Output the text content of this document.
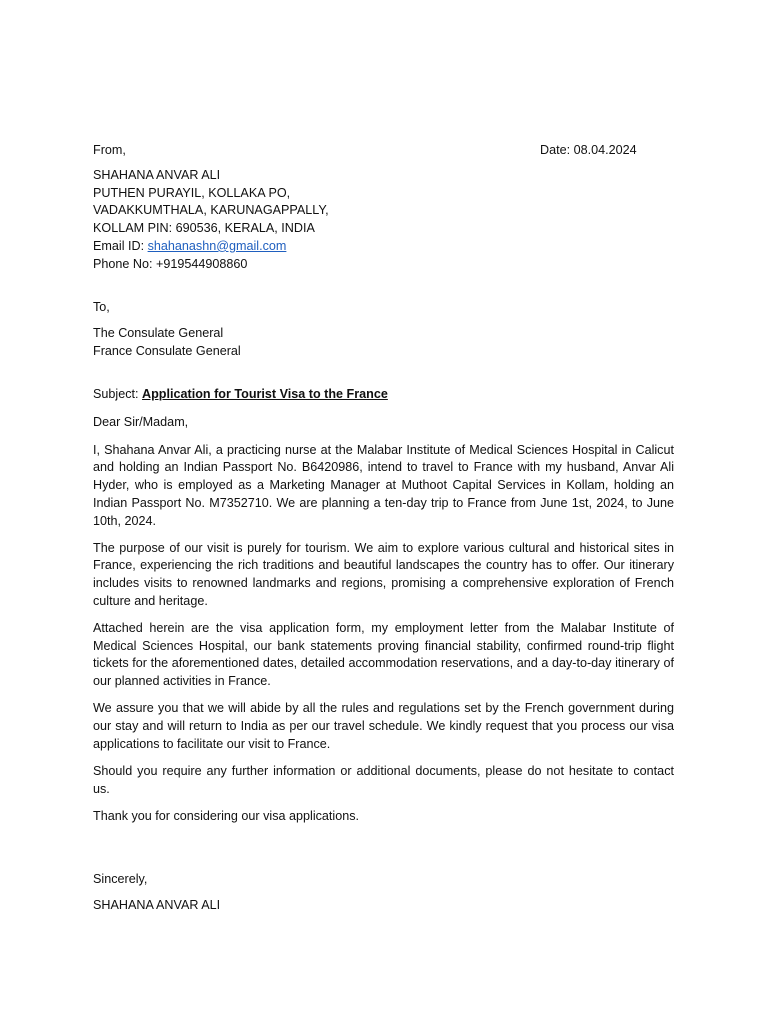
From,	Date: 08.04.2024
SHAHANA ANVAR ALI
PUTHEN PURAYIL, KOLLAKA PO,
VADAKKUMTHALA, KARUNAGAPPALLY,
KOLLAM PIN: 690536, KERALA, INDIA
Email ID: shahanashn@gmail.com
Phone No: +919544908860
To,
The Consulate General
France Consulate General
Subject: Application for Tourist Visa to the France
Dear Sir/Madam,

I, Shahana Anvar Ali, a practicing nurse at the Malabar Institute of Medical Sciences Hospital in Calicut and holding an Indian Passport No. B6420986, intend to travel to France with my husband, Anvar Ali Hyder, who is employed as a Marketing Manager at Muthoot Capital Services in Kollam, holding an Indian Passport No. M7352710. We are planning a ten-day trip to France from June 1st, 2024, to June 10th, 2024.

The purpose of our visit is purely for tourism. We aim to explore various cultural and historical sites in France, experiencing the rich traditions and beautiful landscapes the country has to offer. Our itinerary includes visits to renowned landmarks and regions, promising a comprehensive exploration of French culture and heritage.

Attached herein are the visa application form, my employment letter from the Malabar Institute of Medical Sciences Hospital, our bank statements proving financial stability, confirmed round-trip flight tickets for the aforementioned dates, detailed accommodation reservations, and a day-to-day itinerary of our planned activities in France.

We assure you that we will abide by all the rules and regulations set by the French government during our stay and will return to India as per our travel schedule. We kindly request that you process our visa applications to facilitate our visit to France.

Should you require any further information or additional documents, please do not hesitate to contact us.

Thank you for considering our visa applications.

Sincerely,
SHAHANA ANVAR ALI
